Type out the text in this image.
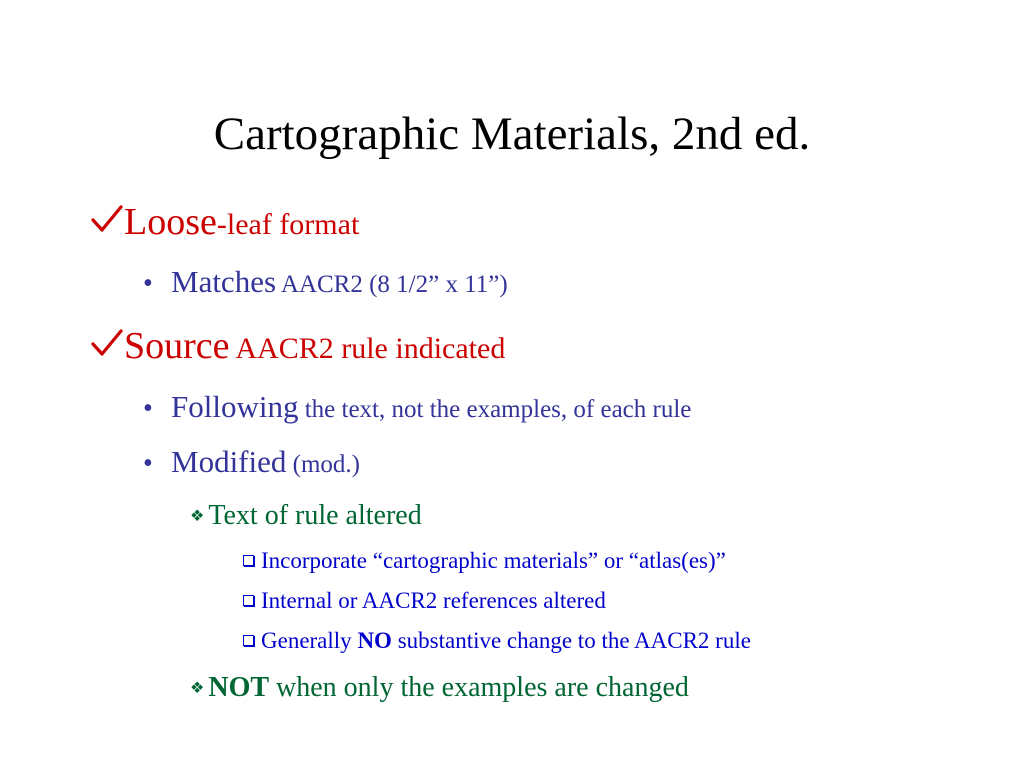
Cartographic Materials, 2nd ed.
Loose-leaf format
• Matches AACR2 (8 1/2” x 11”)
Source AACR2 rule indicated
• Following the text, not the examples, of each rule
• Modified (mod.)
❖ Text of rule altered
Incorporate “cartographic materials” or “atlas(es)”
Internal or AACR2 references altered
Generally NO substantive change to the AACR2 rule
❖ NOT when only the examples are changed
